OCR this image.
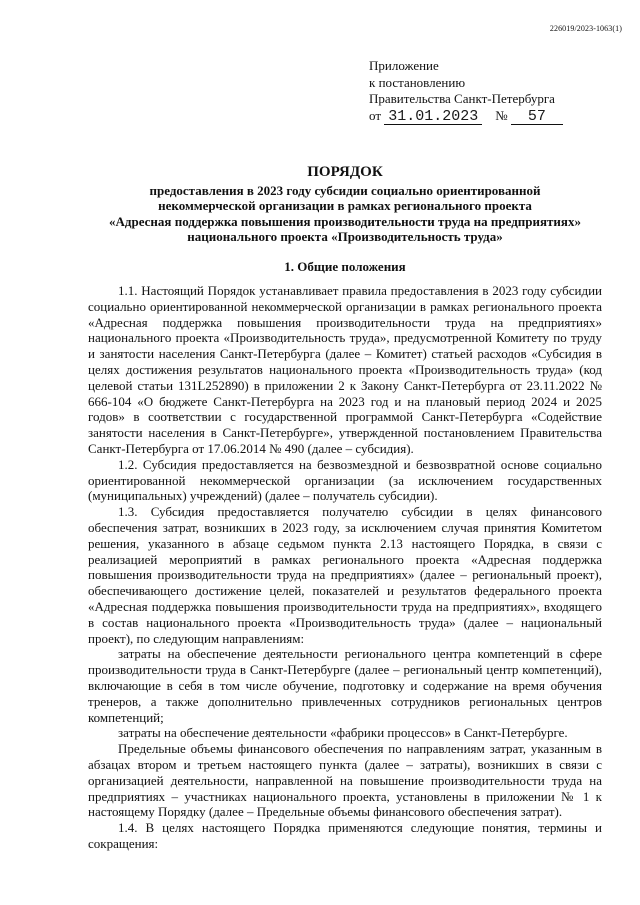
226019/2023-1063(1)
Приложение
к постановлению
Правительства Санкт-Петербурга
от 31.01.2023 № 57
ПОРЯДОК
предоставления в 2023 году субсидии социально ориентированной
некоммерческой организации в рамках регионального проекта
«Адресная поддержка повышения производительности труда на предприятиях»
национального проекта «Производительность труда»
1. Общие положения

1.1. Настоящий Порядок устанавливает правила предоставления в 2023 году субсидии социально ориентированной некоммерческой организации в рамках регионального проекта «Адресная поддержка повышения производительности труда на предприятиях» национального проекта «Производительность труда», предусмотренной Комитету по труду и занятости населения Санкт-Петербурга (далее – Комитет) статьей расходов «Субсидия в целях достижения результатов национального проекта «Производительность труда» (код целевой статьи 131L252890) в приложении 2 к Закону Санкт-Петербурга от 23.11.2022 № 666-104 «О бюджете Санкт-Петербурга на 2023 год и на плановый период 2024 и 2025 годов» в соответствии с государственной программой Санкт-Петербурга «Содействие занятости населения в Санкт-Петербурге», утвержденной постановлением Правительства Санкт-Петербурга от 17.06.2014 № 490 (далее – субсидия).

1.2. Субсидия предоставляется на безвозмездной и безвозвратной основе социально ориентированной некоммерческой организации (за исключением государственных (муниципальных) учреждений) (далее – получатель субсидии).

1.3. Субсидия предоставляется получателю субсидии в целях финансового обеспечения затрат, возникших в 2023 году, за исключением случая принятия Комитетом решения, указанного в абзаце седьмом пункта 2.13 настоящего Порядка, в связи с реализацией мероприятий в рамках регионального проекта «Адресная поддержка повышения производительности труда на предприятиях» (далее – региональный проект), обеспечивающего достижение целей, показателей и результатов федерального проекта «Адресная поддержка повышения производительности труда на предприятиях», входящего в состав национального проекта «Производительность труда» (далее – национальный проект), по следующим направлениям:

затраты на обеспечение деятельности регионального центра компетенций в сфере производительности труда в Санкт-Петербурге (далее – региональный центр компетенций), включающие в себя в том числе обучение, подготовку и содержание на время обучения тренеров, а также дополнительно привлеченных сотрудников региональных центров компетенций;

затраты на обеспечение деятельности «фабрики процессов» в Санкт-Петербурге.

Предельные объемы финансового обеспечения по направлениям затрат, указанным в абзацах втором и третьем настоящего пункта (далее – затраты), возникших в связи с организацией деятельности, направленной на повышение производительности труда на предприятиях – участниках национального проекта, установлены в приложении № 1 к настоящему Порядку (далее – Предельные объемы финансового обеспечения затрат).

1.4. В целях настоящего Порядка применяются следующие понятия, термины и сокращения:
